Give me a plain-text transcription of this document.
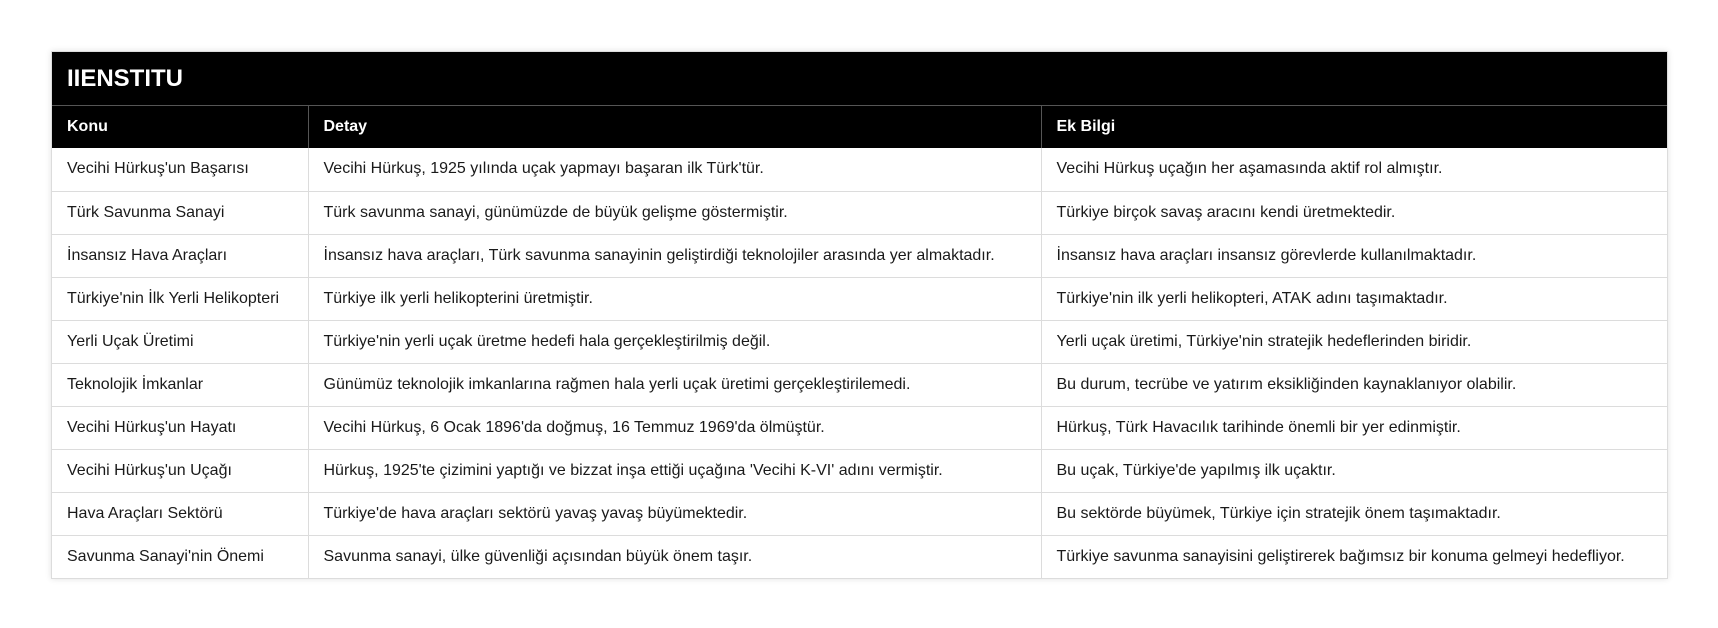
IIENSTITU
Konu	Detay	Ek Bilgi
Vecihi Hürkuş'un Başarısı	Vecihi Hürkuş, 1925 yılında uçak yapmayı başaran ilk Türk'tür.	Vecihi Hürkuş uçağın her aşamasında aktif rol almıştır.
Türk Savunma Sanayi	Türk savunma sanayi, günümüzde de büyük gelişme göstermiştir.	Türkiye birçok savaş aracını kendi üretmektedir.
İnsansız Hava Araçları	İnsansız hava araçları, Türk savunma sanayinin geliştirdiği teknolojiler arasında yer almaktadır.	İnsansız hava araçları insansız görevlerde kullanılmaktadır.
Türkiye'nin İlk Yerli Helikopteri	Türkiye ilk yerli helikopterini üretmiştir.	Türkiye'nin ilk yerli helikopteri, ATAK adını taşımaktadır.
Yerli Uçak Üretimi	Türkiye'nin yerli uçak üretme hedefi hala gerçekleştirilmiş değil.	Yerli uçak üretimi, Türkiye'nin stratejik hedeflerinden biridir.
Teknolojik İmkanlar	Günümüz teknolojik imkanlarına rağmen hala yerli uçak üretimi gerçekleştirilemedi.	Bu durum, tecrübe ve yatırım eksikliğinden kaynaklanıyor olabilir.
Vecihi Hürkuş'un Hayatı	Vecihi Hürkuş, 6 Ocak 1896'da doğmuş, 16 Temmuz 1969'da ölmüştür.	Hürkuş, Türk Havacılık tarihinde önemli bir yer edinmiştir.
Vecihi Hürkuş'un Uçağı	Hürkuş, 1925'te çizimini yaptığı ve bizzat inşa ettiği uçağına 'Vecihi K-VI' adını vermiştir.	Bu uçak, Türkiye'de yapılmış ilk uçaktır.
Hava Araçları Sektörü	Türkiye'de hava araçları sektörü yavaş yavaş büyümektedir.	Bu sektörde büyümek, Türkiye için stratejik önem taşımaktadır.
Savunma Sanayi'nin Önemi	Savunma sanayi, ülke güvenliği açısından büyük önem taşır.	Türkiye savunma sanayisini geliştirerek bağımsız bir konuma gelmeyi hedefliyor.
